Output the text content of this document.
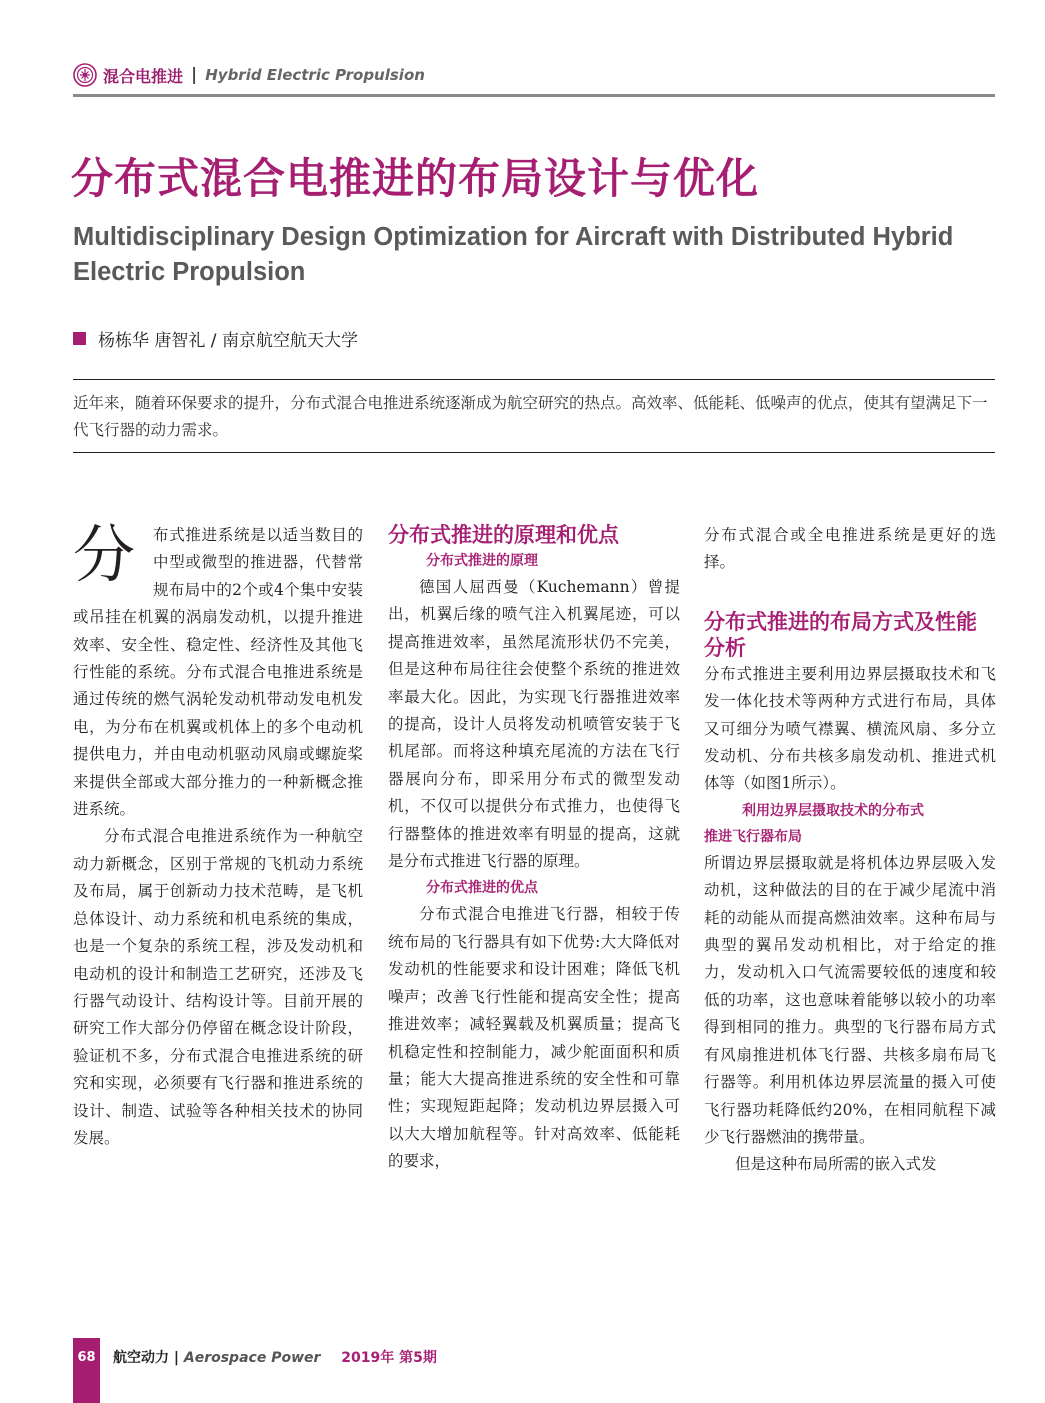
混合电推进 | Hybrid Electric Propulsion
分布式混合电推进的布局设计与优化
Multidisciplinary Design Optimization for Aircraft with Distributed Hybrid Electric Propulsion
杨栋华 唐智礼 / 南京航空航天大学
近年来，随着环保要求的提升，分布式混合电推进系统逐渐成为航空研究的热点。高效率、低能耗、低噪声的优点，使其有望满足下一代飞行器的动力需求。

分	布式推进系统是以适当数目的中型或微型的推进器，代替常规布局中的2个或4个集中安装或吊挂在机翼的涡扇发动机，以提升推进效率、安全性、稳定性、经济性及其他飞行性能的系统。分布式混合电推进系统是通过传统的燃气涡轮发动机带动发电机发电，为分布在机翼或机体上的多个电动机提供电力，并由电动机驱动风扇或螺旋桨来提供全部或大部分推力的一种新概念推进系统。

分布式混合电推进系统作为一种航空动力新概念，区别于常规的飞机动力系统及布局，属于创新动力技术范畴，是飞机总体设计、动力系统和机电系统的集成，也是一个复杂的系统工程，涉及发动机和电动机的设计和制造工艺研究，还涉及飞行器气动设计、结构设计等。目前开展的研究工作大部分仍停留在概念设计阶段，验证机不多，分布式混合电推进系统的研究和实现，必须要有飞行器和推进系统的设计、制造、试验等各种相关技术的协同发展。

分布式推进的原理和优点
分布式推进的原理

德国人屈西曼（Kuchemann）曾提出，机翼后缘的喷气注入机翼尾迹，可以提高推进效率，虽然尾流形状仍不完美，但是这种布局往往会使整个系统的推进效率最大化。因此，为实现飞行器推进效率的提高，设计人员将发动机喷管安装于飞机尾部。而将这种填充尾流的方法在飞行器展向分布，即采用分布式的微型发动机，不仅可以提供分布式推力，也使得飞行器整体的推进效率有明显的提高，这就是分布式推进飞行器的原理。

分布式推进的优点

分布式混合电推进飞行器，相较于传统布局的飞行器具有如下优势:大大降低对发动机的性能要求和设计困难；降低飞机噪声；改善飞行性能和提高安全性；提高推进效率；减轻翼载及机翼质量；提高飞机稳定性和控制能力，减少舵面面积和质量；能大大提高推进系统的安全性和可靠性；实现短距起降；发动机边界层摄入可以大大增加航程等。针对高效率、低能耗的要求，

分布式混合或全电推进系统是更好的选择。

分布式推进的布局方式及性能分析

分布式推进主要利用边界层摄取技术和飞发一体化技术等两种方式进行布局，具体又可细分为喷气襟翼、横流风扇、多分立发动机、分布共核多扇发动机、推进式机体等（如图1所示）。

利用边界层摄取技术的分布式
推进飞行器布局

所谓边界层摄取就是将机体边界层吸入发动机，这种做法的目的在于减少尾流中消耗的动能从而提高燃油效率。这种布局与典型的翼吊发动机相比，对于给定的推力，发动机入口气流需要较低的速度和较低的功率，这也意味着能够以较小的功率得到相同的推力。典型的飞行器布局方式有风扇推进机体飞行器、共核多扇布局飞行器等。利用机体边界层流量的摄入可使飞行器功耗降低约20%，在相同航程下减少飞行器燃油的携带量。

但是这种布局所需的嵌入式发

68	航空动力 | Aerospace Power 2019年 第5期
